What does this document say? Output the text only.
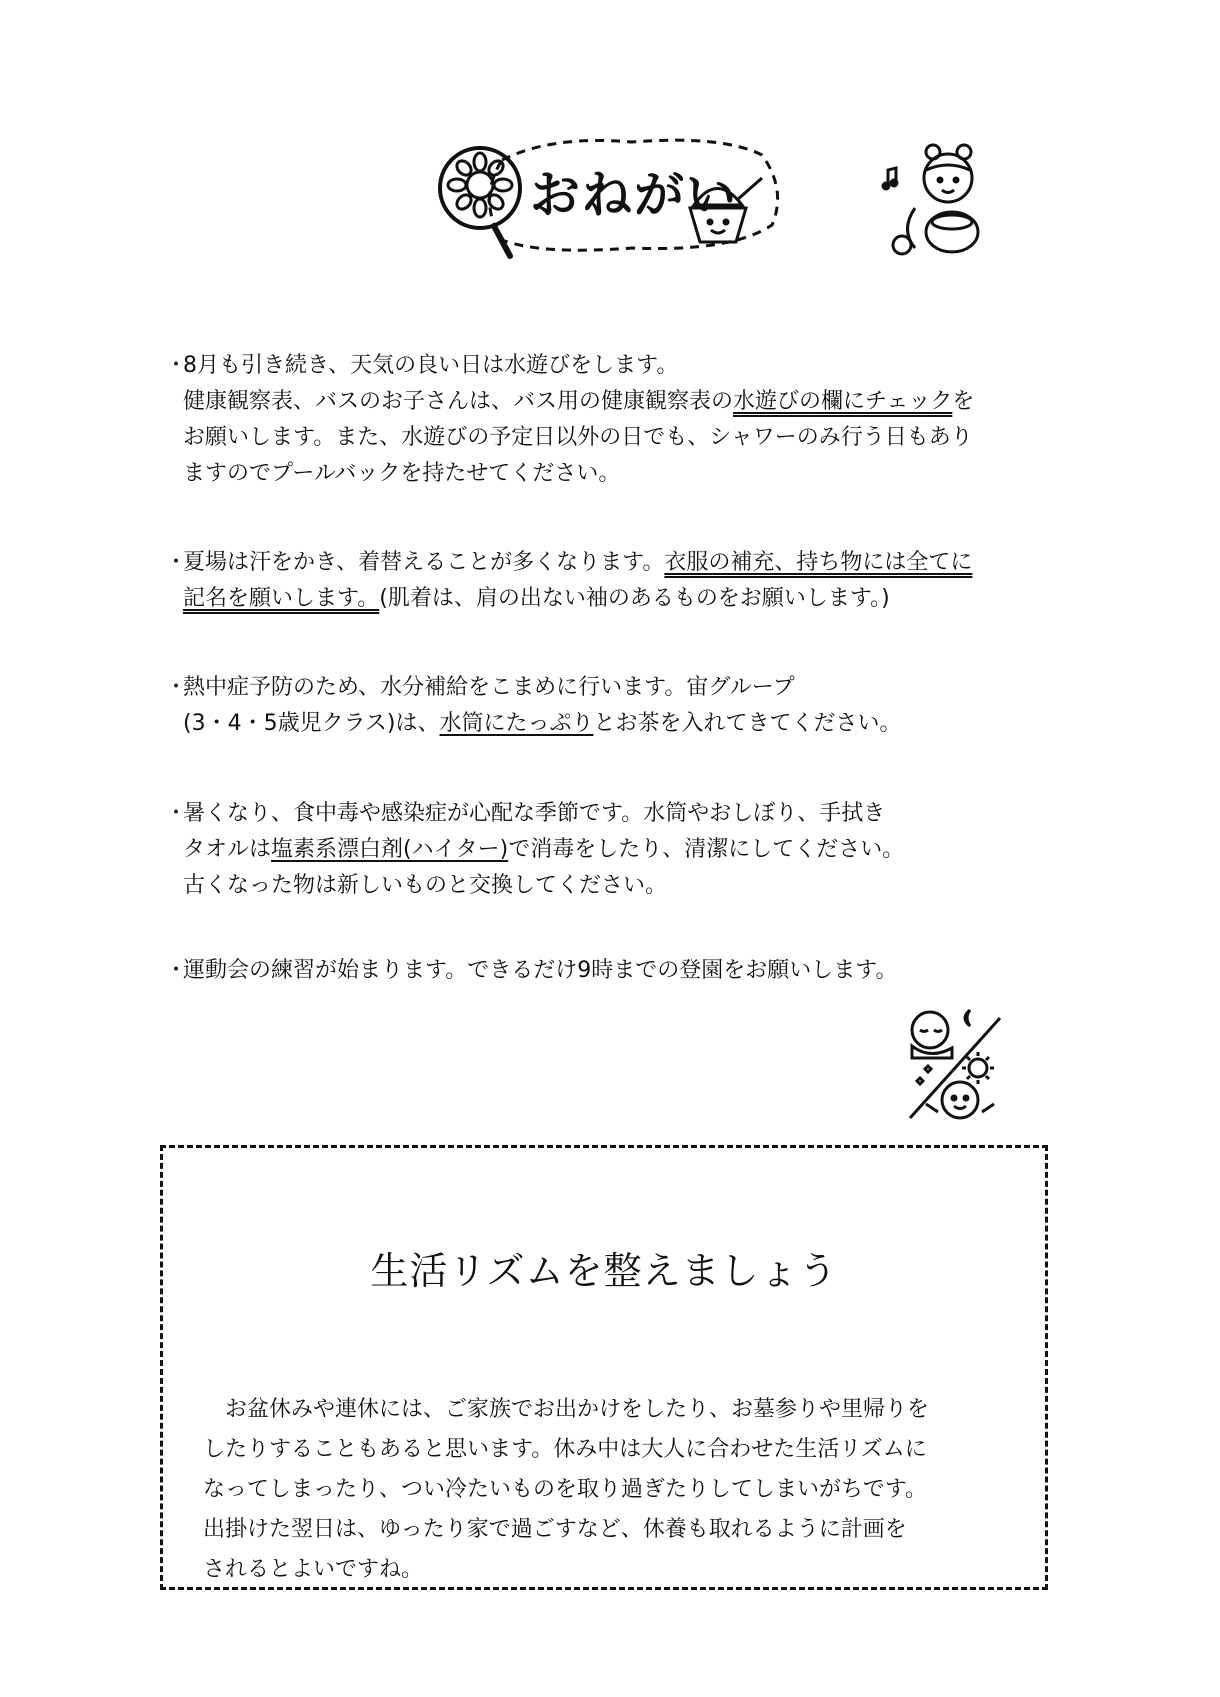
おねがい
・

8月も引き続き、天気の良い日は水遊びをします。

健康観察表、バスのお子さんは、バス用の健康観察表の水遊びの欄にチェックを

お願いします。また、水遊びの予定日以外の日でも、シャワーのみ行う日もあり

ますのでプールバックを持たせてください。

・

夏場は汗をかき、着替えることが多くなります。衣服の補充、持ち物には全てに

記名を願いします。(肌着は、肩の出ない袖のあるものをお願いします。)

・

熱中症予防のため、水分補給をこまめに行います。宙グループ

(3・4・5歳児クラス)は、水筒にたっぷりとお茶を入れてきてください。

・

暑くなり、食中毒や感染症が心配な季節です。水筒やおしぼり、手拭き

タオルは塩素系漂白剤(ハイター)で消毒をしたり、清潔にしてください。

古くなった物は新しいものと交換してください。

・

運動会の練習が始まります。できるだけ9時までの登園をお願いします。

生活リズムを整えましょう

　お盆休みや連休には、ご家族でお出かけをしたり、お墓参りや里帰りを

したりすることもあると思います。休み中は大人に合わせた生活リズムに

なってしまったり、つい冷たいものを取り過ぎたりしてしまいがちです。

出掛けた翌日は、ゆったり家で過ごすなど、休養も取れるように計画を

されるとよいですね。
